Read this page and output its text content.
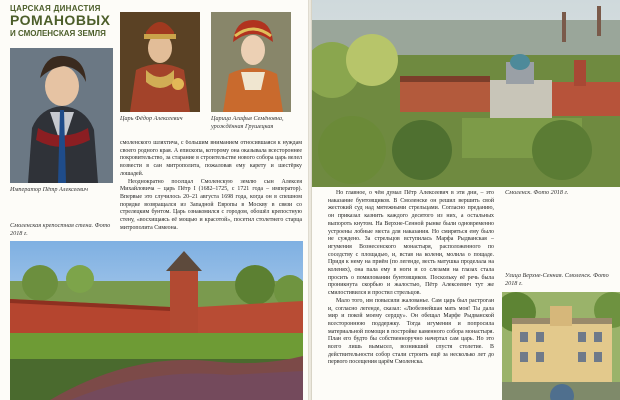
ЦАРСКАЯ ДИНАСТИЯ
РОМАНОВЫХ
И СМОЛЕНСКАЯ ЗЕМЛЯ
Царь Фёдор Алексеевич	Царица Агафья Семёновна, урождённая Грушецкая
Император Пётр Алексеевич

смоленского шляхтича, с большим вниманием относившаяся к нуждам своего родного края. А епископа, которому она оказывала всестороннее покровительство, за старание в строительстве нового собора царь велел возвести в сан митрополита, пожаловав ему карету и шестёрку лошадей.

Неоднократно посещал Смоленскую землю сын Алексея Михайловича – царь Пётр I (1682–1725, с 1721 года – император). Впервые это случилось 20–21 августа 1698 года, когда он в спешном порядке возвращался из Западной Европы в Москву в связи со стрелецким бунтом. Царь ознакомился с городом, обошёл крепостную стену, «восхищаясь её мощью и красотой», посетил столетнего старца митрополита Симеона.

Смоленская крепостная стена. Фото 2018 г.
Смоленск. Фото 2018 г.

Но главное, о чём думал Пётр Алексеевич в эти дни, – это наказание бунтовщиков. В Смоленске он решил вершить свой жестокий суд над мятежными стрельцами. Согласно преданию, он приказал казнить каждого десятого из них, а остальных выпороть кнутом. На Верхне-Сенной рынке были одновременно устроены лобные места для наказания. Но смиряться ему было не суждено. За стрельцов вступилась Марфа Рыдванская – игумения Вознесенского монастыря, расположенного по соседству с площадью, и, встав на колени, молила о пощаде. Придя к нему на приём (по легенде, весть матушка проделала на коленях), она пала ему в ноги и со слезами на глазах стала просить о помиловании бунтовщиков. Поскольку её речь была проникнута скорбью и жалостью, Пётр Алексеевич тут же смилостивился и простил стрельцов.

Мало того, им повысили жалованье. Сам царь был растроган и, согласно легенде, сказал: «Любезнейшая мать моя! Ты дала мир и покой моему сердцу». Он обещал Марфе Рыдванской всестороннюю поддержку. Тогда игумения и попросила материальной помощи в постройке каменного собора монастыря. План его будто бы собственноручно начертал сам царь. Но это всего лишь вымысел, возникший спустя столетие. В действительности собор стали строить ещё за несколько лет до первого посещения царём Смоленска.

Улица Верхне-Сенная. Смоленск. Фото 2018 г.
